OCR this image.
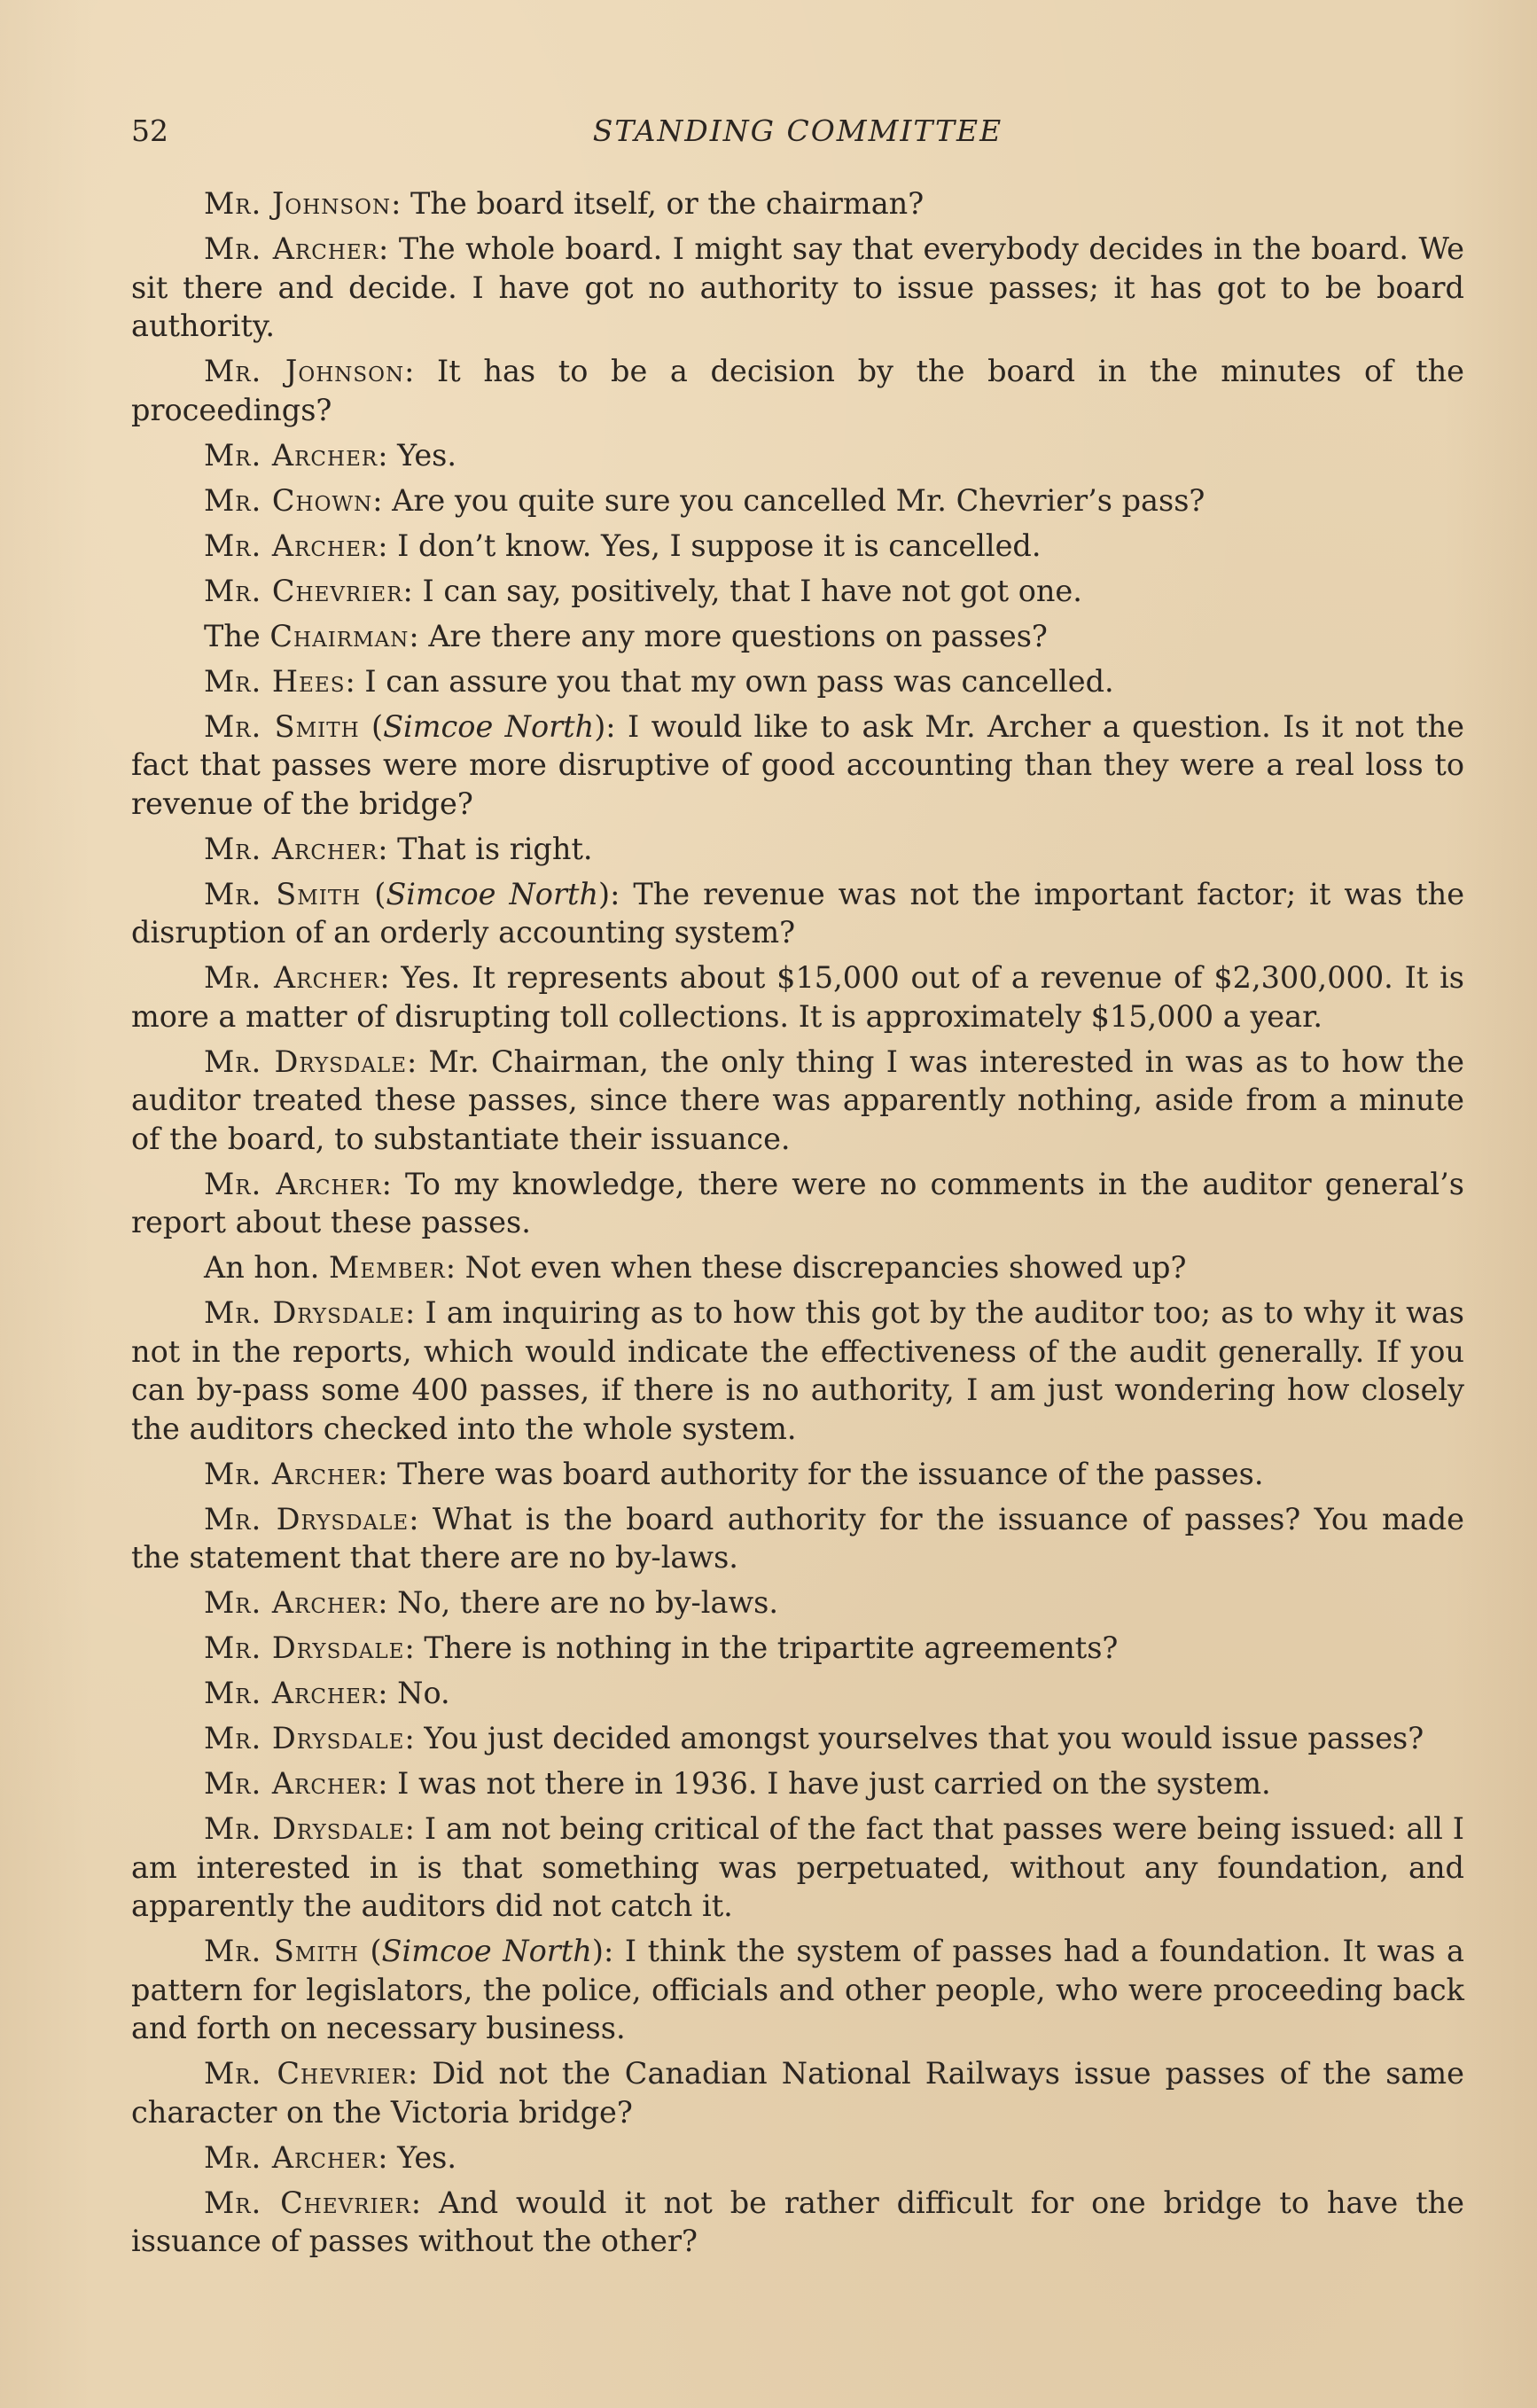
52	STANDING COMMITTEE

Mr. Johnson: The board itself, or the chairman?

Mr. Archer: The whole board. I might say that everybody decides in the board. We sit there and decide. I have got no authority to issue passes; it has got to be board authority.

Mr. Johnson: It has to be a decision by the board in the minutes of the proceedings?

Mr. Archer: Yes.

Mr. Chown: Are you quite sure you cancelled Mr. Chevrier’s pass?

Mr. Archer: I don’t know. Yes, I suppose it is cancelled.

Mr. Chevrier: I can say, positively, that I have not got one.

The Chairman: Are there any more questions on passes?

Mr. Hees: I can assure you that my own pass was cancelled.

Mr. Smith (Simcoe North): I would like to ask Mr. Archer a question. Is it not the fact that passes were more disruptive of good accounting than they were a real loss to revenue of the bridge?

Mr. Archer: That is right.

Mr. Smith (Simcoe North): The revenue was not the important factor; it was the disruption of an orderly accounting system?

Mr. Archer: Yes. It represents about $15,000 out of a revenue of $2,300,000. It is more a matter of disrupting toll collections. It is approximately $15,000 a year.

Mr. Drysdale: Mr. Chairman, the only thing I was interested in was as to how the auditor treated these passes, since there was apparently nothing, aside from a minute of the board, to substantiate their issuance.

Mr. Archer: To my knowledge, there were no comments in the auditor general’s report about these passes.

An hon. Member: Not even when these discrepancies showed up?

Mr. Drysdale: I am inquiring as to how this got by the auditor too; as to why it was not in the reports, which would indicate the effectiveness of the audit generally. If you can by-pass some 400 passes, if there is no authority, I am just wondering how closely the auditors checked into the whole system.

Mr. Archer: There was board authority for the issuance of the passes.

Mr. Drysdale: What is the board authority for the issuance of passes? You made the statement that there are no by-laws.

Mr. Archer: No, there are no by-laws.

Mr. Drysdale: There is nothing in the tripartite agreements?

Mr. Archer: No.

Mr. Drysdale: You just decided amongst yourselves that you would issue passes?

Mr. Archer: I was not there in 1936. I have just carried on the system.

Mr. Drysdale: I am not being critical of the fact that passes were being issued: all I am interested in is that something was perpetuated, without any foundation, and apparently the auditors did not catch it.

Mr. Smith (Simcoe North): I think the system of passes had a foundation. It was a pattern for legislators, the police, officials and other people, who were proceeding back and forth on necessary business.

Mr. Chevrier: Did not the Canadian National Railways issue passes of the same character on the Victoria bridge?

Mr. Archer: Yes.

Mr. Chevrier: And would it not be rather difficult for one bridge to have the issuance of passes without the other?
